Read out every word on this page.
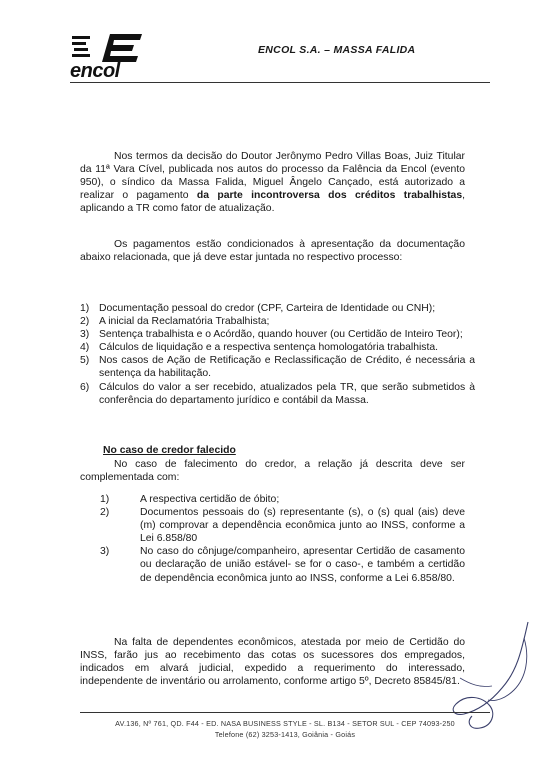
encol
ENCOL S.A. – MASSA FALIDA
Nos termos da decisão do Doutor Jerônymo Pedro Villas Boas, Juiz Titular da 11ª Vara Cível, publicada nos autos do processo da Falência da Encol (evento 950), o síndico da Massa Falida, Miguel Ângelo Cançado, está autorizado a realizar o pagamento da parte incontroversa dos créditos trabalhistas, aplicando a TR como fator de atualização.
Os pagamentos estão condicionados à apresentação da documentação abaixo relacionada, que já deve estar juntada no respectivo processo:
1) Documentação pessoal do credor (CPF, Carteira de Identidade ou CNH);
2) A inicial da Reclamatória Trabalhista;
3) Sentença trabalhista e o Acórdão, quando houver (ou Certidão de Inteiro Teor);
4) Cálculos de liquidação e a respectiva sentença homologatória trabalhista.
5) Nos casos de Ação de Retificação e Reclassificação de Crédito, é necessária a sentença da habilitação.
6) Cálculos do valor a ser recebido, atualizados pela TR, que serão submetidos à conferência do departamento jurídico e contábil da Massa.
No caso de credor falecido
No caso de falecimento do credor, a relação já descrita deve ser complementada com:
1)	A respectiva certidão de óbito;
2)	Documentos pessoais do (s) representante (s), o (s) qual (ais) deve (m) comprovar a dependência econômica junto ao INSS, conforme a Lei 6.858/80
3)	No caso do cônjuge/companheiro, apresentar Certidão de casamento ou declaração de união estável- se for o caso-, e também a certidão de dependência econômica junto ao INSS, conforme a Lei 6.858/80.
Na falta de dependentes econômicos, atestada por meio de Certidão do INSS, farão jus ao recebimento das cotas os sucessores dos empregados, indicados em alvará judicial, expedido a requerimento do interessado, independente de inventário ou arrolamento, conforme artigo 5º, Decreto 85845/81.
AV.136, Nº 761, QD. F44 - ED. NASA BUSINESS STYLE - SL. B134 - SETOR SUL - CEP 74093-250
Telefone (62) 3253-1413, Goiânia - Goiás
